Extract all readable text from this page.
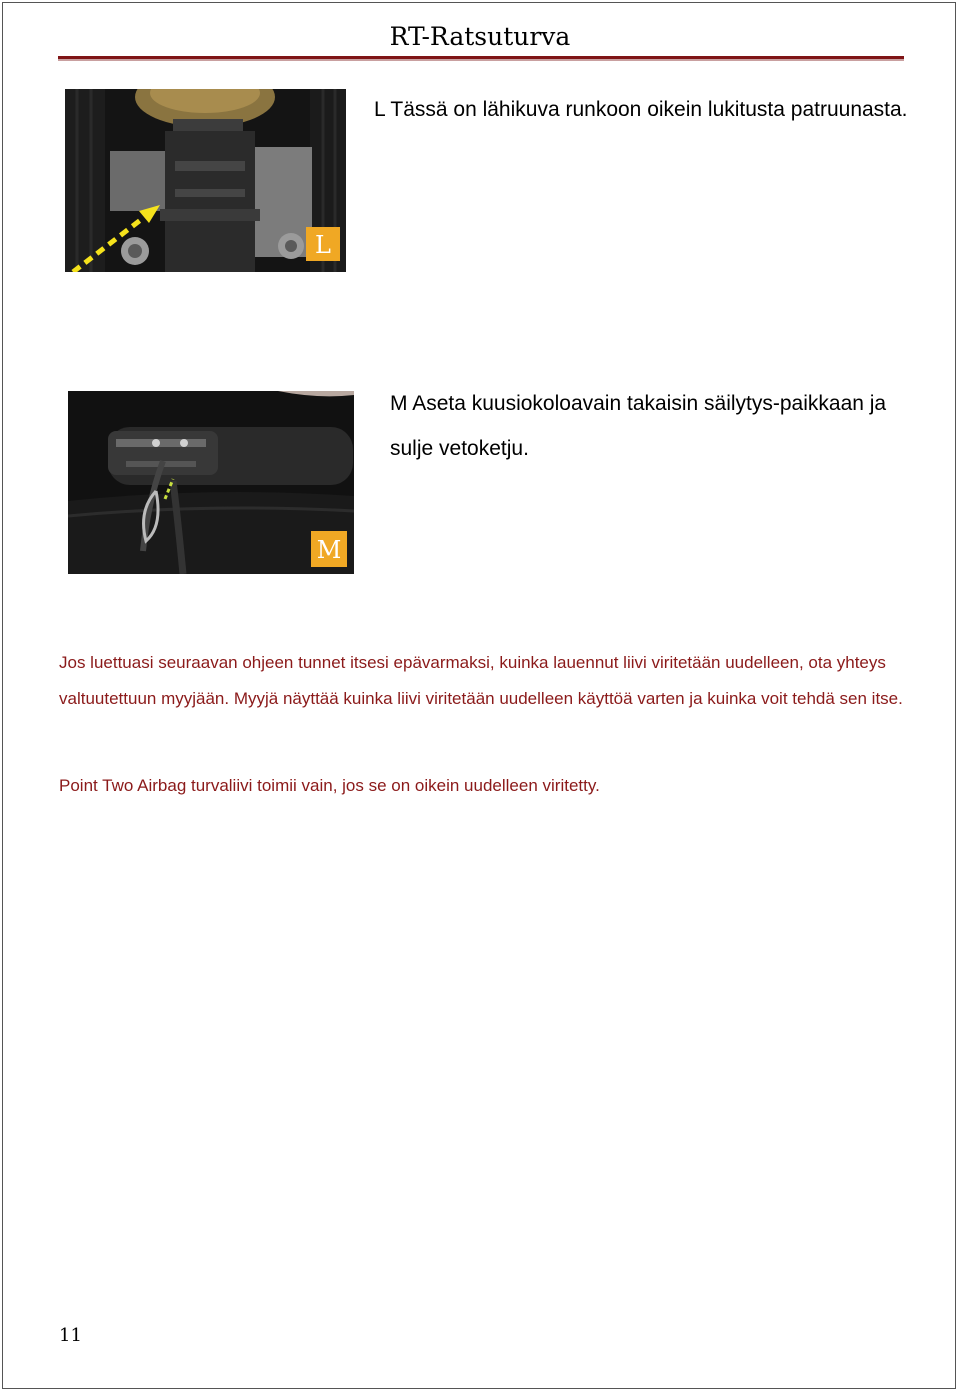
RT-Ratsuturva
L
L Tässä on lähikuva runkoon oikein lukitusta patruunasta.
M
M Aseta kuusiokoloavain takaisin säilytys-paikkaan ja sulje vetoketju.
Jos luettuasi seuraavan ohjeen tunnet itsesi epävarmaksi, kuinka lauennut liivi viritetään uudelleen, ota yhteys valtuutettuun myyjään. Myyjä näyttää kuinka liivi viritetään uudelleen käyttöä varten ja kuinka voit tehdä sen itse.
Point Two Airbag turvaliivi toimii vain, jos se on oikein uudelleen viritetty.
11
